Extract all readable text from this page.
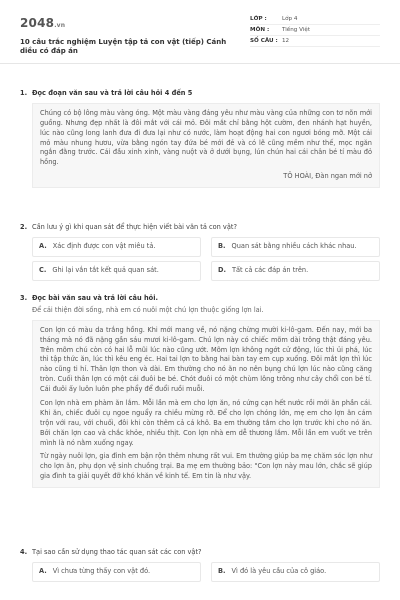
2048.vn
10 câu trắc nghiệm Luyện tập tả con vật (tiếp) Cánh diều có đáp án
LỚP :	Lớp 4
MÔN :	Tiếng Việt
SỐ CÂU : 12
1. Đọc đoạn văn sau và trả lời câu hỏi 4 đến 5

Chúng có bộ lông màu vàng óng. Một màu vàng đáng yêu như màu vàng của những con tơ nõn mới guồng. Nhưng đẹp nhất là đôi mắt với cái mỏ. Đôi mắt chỉ bằng hột cườm, đen nhánh hạt huyền, lúc nào cũng long lanh đưa đi đưa lại như có nước, làm hoạt động hai con ngươi bóng mỡ. Một cái mỏ màu nhung hươu, vừa bằng ngón tay đứa bé mới đẻ và có lẽ cũng mềm như thế, mọc ngăn ngắn đằng trước. Cái đầu xinh xinh, vàng nuột và ở dưới bụng, lún chún hai cái chân bé tí màu đỏ hồng.

TÔ HOÀI, Đàn ngan mới nở
2. Cần lưu ý gì khi quan sát để thực hiện viết bài văn tả con vật?
A. Xác định được con vật miêu tả.	B. Quan sát bằng nhiều cách khác nhau.
C. Ghi lại vắn tắt kết quả quan sát.	D. Tất cả các đáp án trên.
3. Đọc bài văn sau và trả lời câu hỏi.
Để cải thiện đời sống, nhà em có nuôi một chú lợn thuộc giống lợn lai.

Con lợn có màu da trắng hồng. Khi mới mang về, nó nặng chừng mười ki-lô-gam. Đến nay, mới ba tháng mà nó đã nặng gần sáu mươi ki-lô-gam. Chú lợn này có chiếc mõm dài trông thật đáng yêu. Trên mõm chú còn có hai lỗ mũi lúc nào cũng ướt. Mõm lợn không ngớt cử động, lúc thì ủi phá, lúc thì tập thức ăn, lúc thì kêu eng éc. Hai tai lợn to bằng hai bàn tay em cụp xuống. Đôi mắt lợn thì lúc nào cũng ti hí. Thân lợn thon và dài. Em thường cho nó ăn no nên bụng chú lợn lúc nào cũng căng tròn. Cuối thân lợn có một cái đuôi be bé. Chót đuôi có một chùm lông trông như cây chổi con bé tí. Cái đuôi ấy luôn luôn phe phẩy để đuổi ruồi muỗi.

Con lợn nhà em phàm ăn lắm. Mỗi lần mà em cho lợn ăn, nó cứng cạn hết nước rồi mới ăn phần cái. Khi ăn, chiếc đuôi cụ ngoe nguẩy ra chiều mừng rỡ. Để cho lợn chóng lớn, mẹ em cho lợn ăn cám trộn với rau, với chuối, đôi khi còn thêm cả cá khô. Ba em thường tắm cho lợn trước khi cho nó ăn. Bởi chăn lợn cao và chắc khỏe, nhiều thịt. Con lợn nhà em dễ thương lắm. Mỗi lần em vuốt ve trên mình là nó nằm xuống ngay.

Từ ngày nuôi lợn, gia đình em bận rộn thêm nhưng rất vui. Em thường giúp ba mẹ chăm sóc lợn như cho lợn ăn, phụ dọn vệ sinh chuồng trại. Ba mẹ em thường bảo: "Con lợn này mau lớn, chắc sẽ giúp gia đình ta giải quyết đỡ khó khăn về kinh tế. Em tin là như vậy.

4. Tại sao cần sử dụng thao tác quan sát các con vật?
A. Vì chưa từng thấy con vật đó.	B. Vì đó là yêu cầu của cô giáo.
